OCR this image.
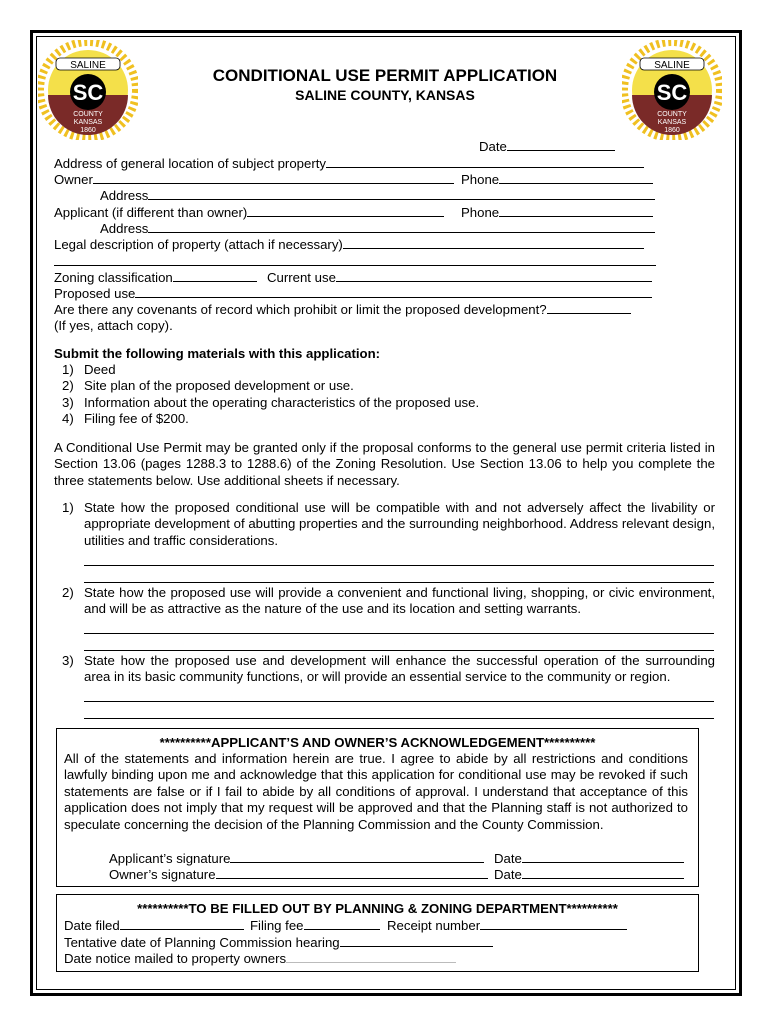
SALINE
SC
COUNTY
KANSAS
1860
SALINE
SC
COUNTY
KANSAS
1860
CONDITIONAL USE PERMIT APPLICATION
SALINE COUNTY, KANSAS
Date
Address of general location of subject property
Owner	Phone
Address
Applicant (if different than owner)	Phone
Address
Legal description of property (attach if necessary)
Zoning classification	Current use
Proposed use
Are there any covenants of record which prohibit or limit the proposed development?
(If yes, attach copy).
Submit the following materials with this application:
1) Deed
2) Site plan of the proposed development or use.
3) Information about the operating characteristics of the proposed use.
4) Filing fee of $200.
A Conditional Use Permit may be granted only if the proposal conforms to the general use permit criteria listed in Section 13.06 (pages 1288.3 to 1288.6) of the Zoning Resolution. Use Section 13.06 to help you complete the three statements below. Use additional sheets if necessary.
1) State how the proposed conditional use will be compatible with and not adversely affect the livability or appropriate development of abutting properties and the surrounding neighborhood. Address relevant design, utilities and traffic considerations.
2) State how the proposed use will provide a convenient and functional living, shopping, or civic environment, and will be as attractive as the nature of the use and its location and setting warrants.
3) State how the proposed use and development will enhance the successful operation of the surrounding area in its basic community functions, or will provide an essential service to the community or region.
**********APPLICANT’S AND OWNER’S ACKNOWLEDGEMENT**********
All of the statements and information herein are true. I agree to abide by all restrictions and conditions lawfully binding upon me and acknowledge that this application for conditional use may be revoked if such statements are false or if I fail to abide by all conditions of approval. I understand that acceptance of this application does not imply that my request will be approved and that the Planning staff is not authorized to speculate concerning the decision of the Planning Commission and the County Commission.
Applicant’s signature	Date
Owner’s signature	Date
**********TO BE FILLED OUT BY PLANNING & ZONING DEPARTMENT**********
Date filed	Filing fee	Receipt number
Tentative date of Planning Commission hearing
Date notice mailed to property owners
